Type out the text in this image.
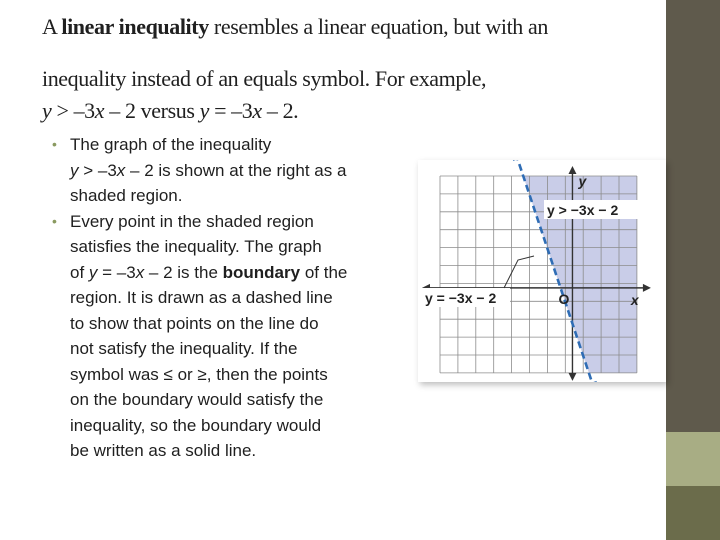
A linear inequality resembles a linear equation, but with an
inequality instead of an equals symbol. For example,
y > –3x – 2 versus y = –3x – 2.
• The graph of the inequality
y > –3x – 2 is shown at the right as a
shaded region.
• Every point in the shaded region
satisfies the inequality. The graph
of y = –3x – 2 is the boundary of the
region. It is drawn as a dashed line
to show that points on the line do
not satisfy the inequality. If the
symbol was ≤ or ≥, then the points
on the boundary would satisfy the
inequality, so the boundary would
be written as a solid line.
y
x
O
y > −3x − 2
y = −3x − 2
